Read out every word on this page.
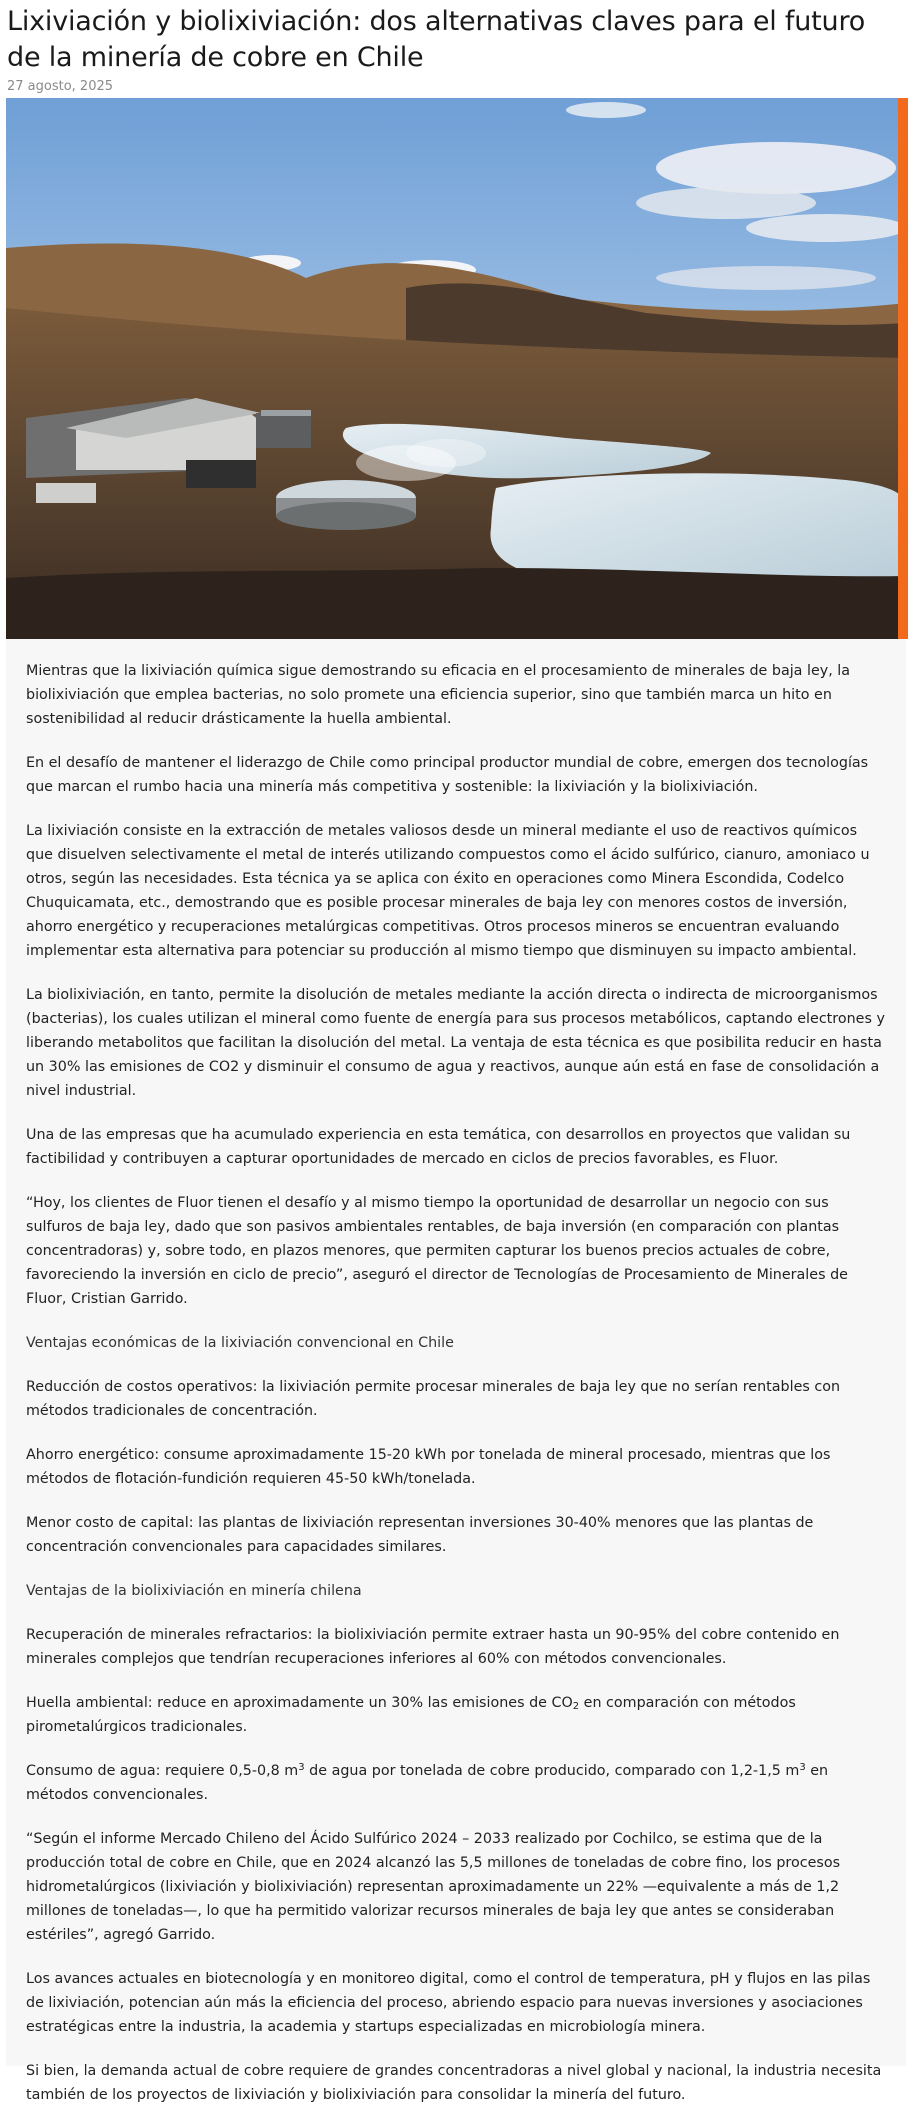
Lixiviación y biolixiviación: dos alternativas claves para el futuro de la minería de cobre en Chile
27 agosto, 2025

Mientras que la lixiviación química sigue demostrando su eficacia en el procesamiento de minerales de baja ley, la biolixiviación que emplea bacterias, no solo promete una eficiencia superior, sino que también marca un hito en sostenibilidad al reducir drásticamente la huella ambiental.

En el desafío de mantener el liderazgo de Chile como principal productor mundial de cobre, emergen dos tecnologías que marcan el rumbo hacia una minería más competitiva y sostenible: la lixiviación y la biolixiviación.

La lixiviación consiste en la extracción de metales valiosos desde un mineral mediante el uso de reactivos químicos que disuelven selectivamente el metal de interés utilizando compuestos como el ácido sulfúrico, cianuro, amoniaco u otros, según las necesidades. Esta técnica ya se aplica con éxito en operaciones como Minera Escondida, Codelco Chuquicamata, etc., demostrando que es posible procesar minerales de baja ley con menores costos de inversión, ahorro energético y recuperaciones metalúrgicas competitivas. Otros procesos mineros se encuentran evaluando implementar esta alternativa para potenciar su producción al mismo tiempo que disminuyen su impacto ambiental.

La biolixiviación, en tanto, permite la disolución de metales mediante la acción directa o indirecta de microorganismos (bacterias), los cuales utilizan el mineral como fuente de energía para sus procesos metabólicos, captando electrones y liberando metabolitos que facilitan la disolución del metal. La ventaja de esta técnica es que posibilita reducir en hasta un 30% las emisiones de CO2 y disminuir el consumo de agua y reactivos, aunque aún está en fase de consolidación a nivel industrial.

Una de las empresas que ha acumulado experiencia en esta temática, con desarrollos en proyectos que validan su factibilidad y contribuyen a capturar oportunidades de mercado en ciclos de precios favorables, es Fluor.

“Hoy, los clientes de Fluor tienen el desafío y al mismo tiempo la oportunidad de desarrollar un negocio con sus sulfuros de baja ley, dado que son pasivos ambientales rentables, de baja inversión (en comparación con plantas concentradoras) y, sobre todo, en plazos menores, que permiten capturar los buenos precios actuales de cobre, favoreciendo la inversión en ciclo de precio”, aseguró el director de Tecnologías de Procesamiento de Minerales de Fluor, Cristian Garrido.

Ventajas económicas de la lixiviación convencional en Chile

Reducción de costos operativos: la lixiviación permite procesar minerales de baja ley que no serían rentables con métodos tradicionales de concentración.

Ahorro energético: consume aproximadamente 15-20 kWh por tonelada de mineral procesado, mientras que los métodos de flotación-fundición requieren 45-50 kWh/tonelada.

Menor costo de capital: las plantas de lixiviación representan inversiones 30-40% menores que las plantas de concentración convencionales para capacidades similares.

Ventajas de la biolixiviación en minería chilena

Recuperación de minerales refractarios: la biolixiviación permite extraer hasta un 90-95% del cobre contenido en minerales complejos que tendrían recuperaciones inferiores al 60% con métodos convencionales.

Huella ambiental: reduce en aproximadamente un 30% las emisiones de $CO_2$ en comparación con métodos pirometalúrgicos tradicionales.

Consumo de agua: requiere 0,5-0,8 $m^3$ de agua por tonelada de cobre producido, comparado con 1,2-1,5 $m^3$ en métodos convencionales.

“Según el informe Mercado Chileno del Ácido Sulfúrico 2024 – 2033 realizado por Cochilco, se estima que de la producción total de cobre en Chile, que en 2024 alcanzó las 5,5 millones de toneladas de cobre fino, los procesos hidrometalúrgicos (lixiviación y biolixiviación) representan aproximadamente un 22% —equivalente a más de 1,2 millones de toneladas—, lo que ha permitido valorizar recursos minerales de baja ley que antes se consideraban estériles”, agregó Garrido.

Los avances actuales en biotecnología y en monitoreo digital, como el control de temperatura, pH y flujos en las pilas de lixiviación, potencian aún más la eficiencia del proceso, abriendo espacio para nuevas inversiones y asociaciones estratégicas entre la industria, la academia y startups especializadas en microbiología minera.

Si bien, la demanda actual de cobre requiere de grandes concentradoras a nivel global y nacional, la industria necesita también de los proyectos de lixiviación y biolixiviación para consolidar la minería del futuro.
